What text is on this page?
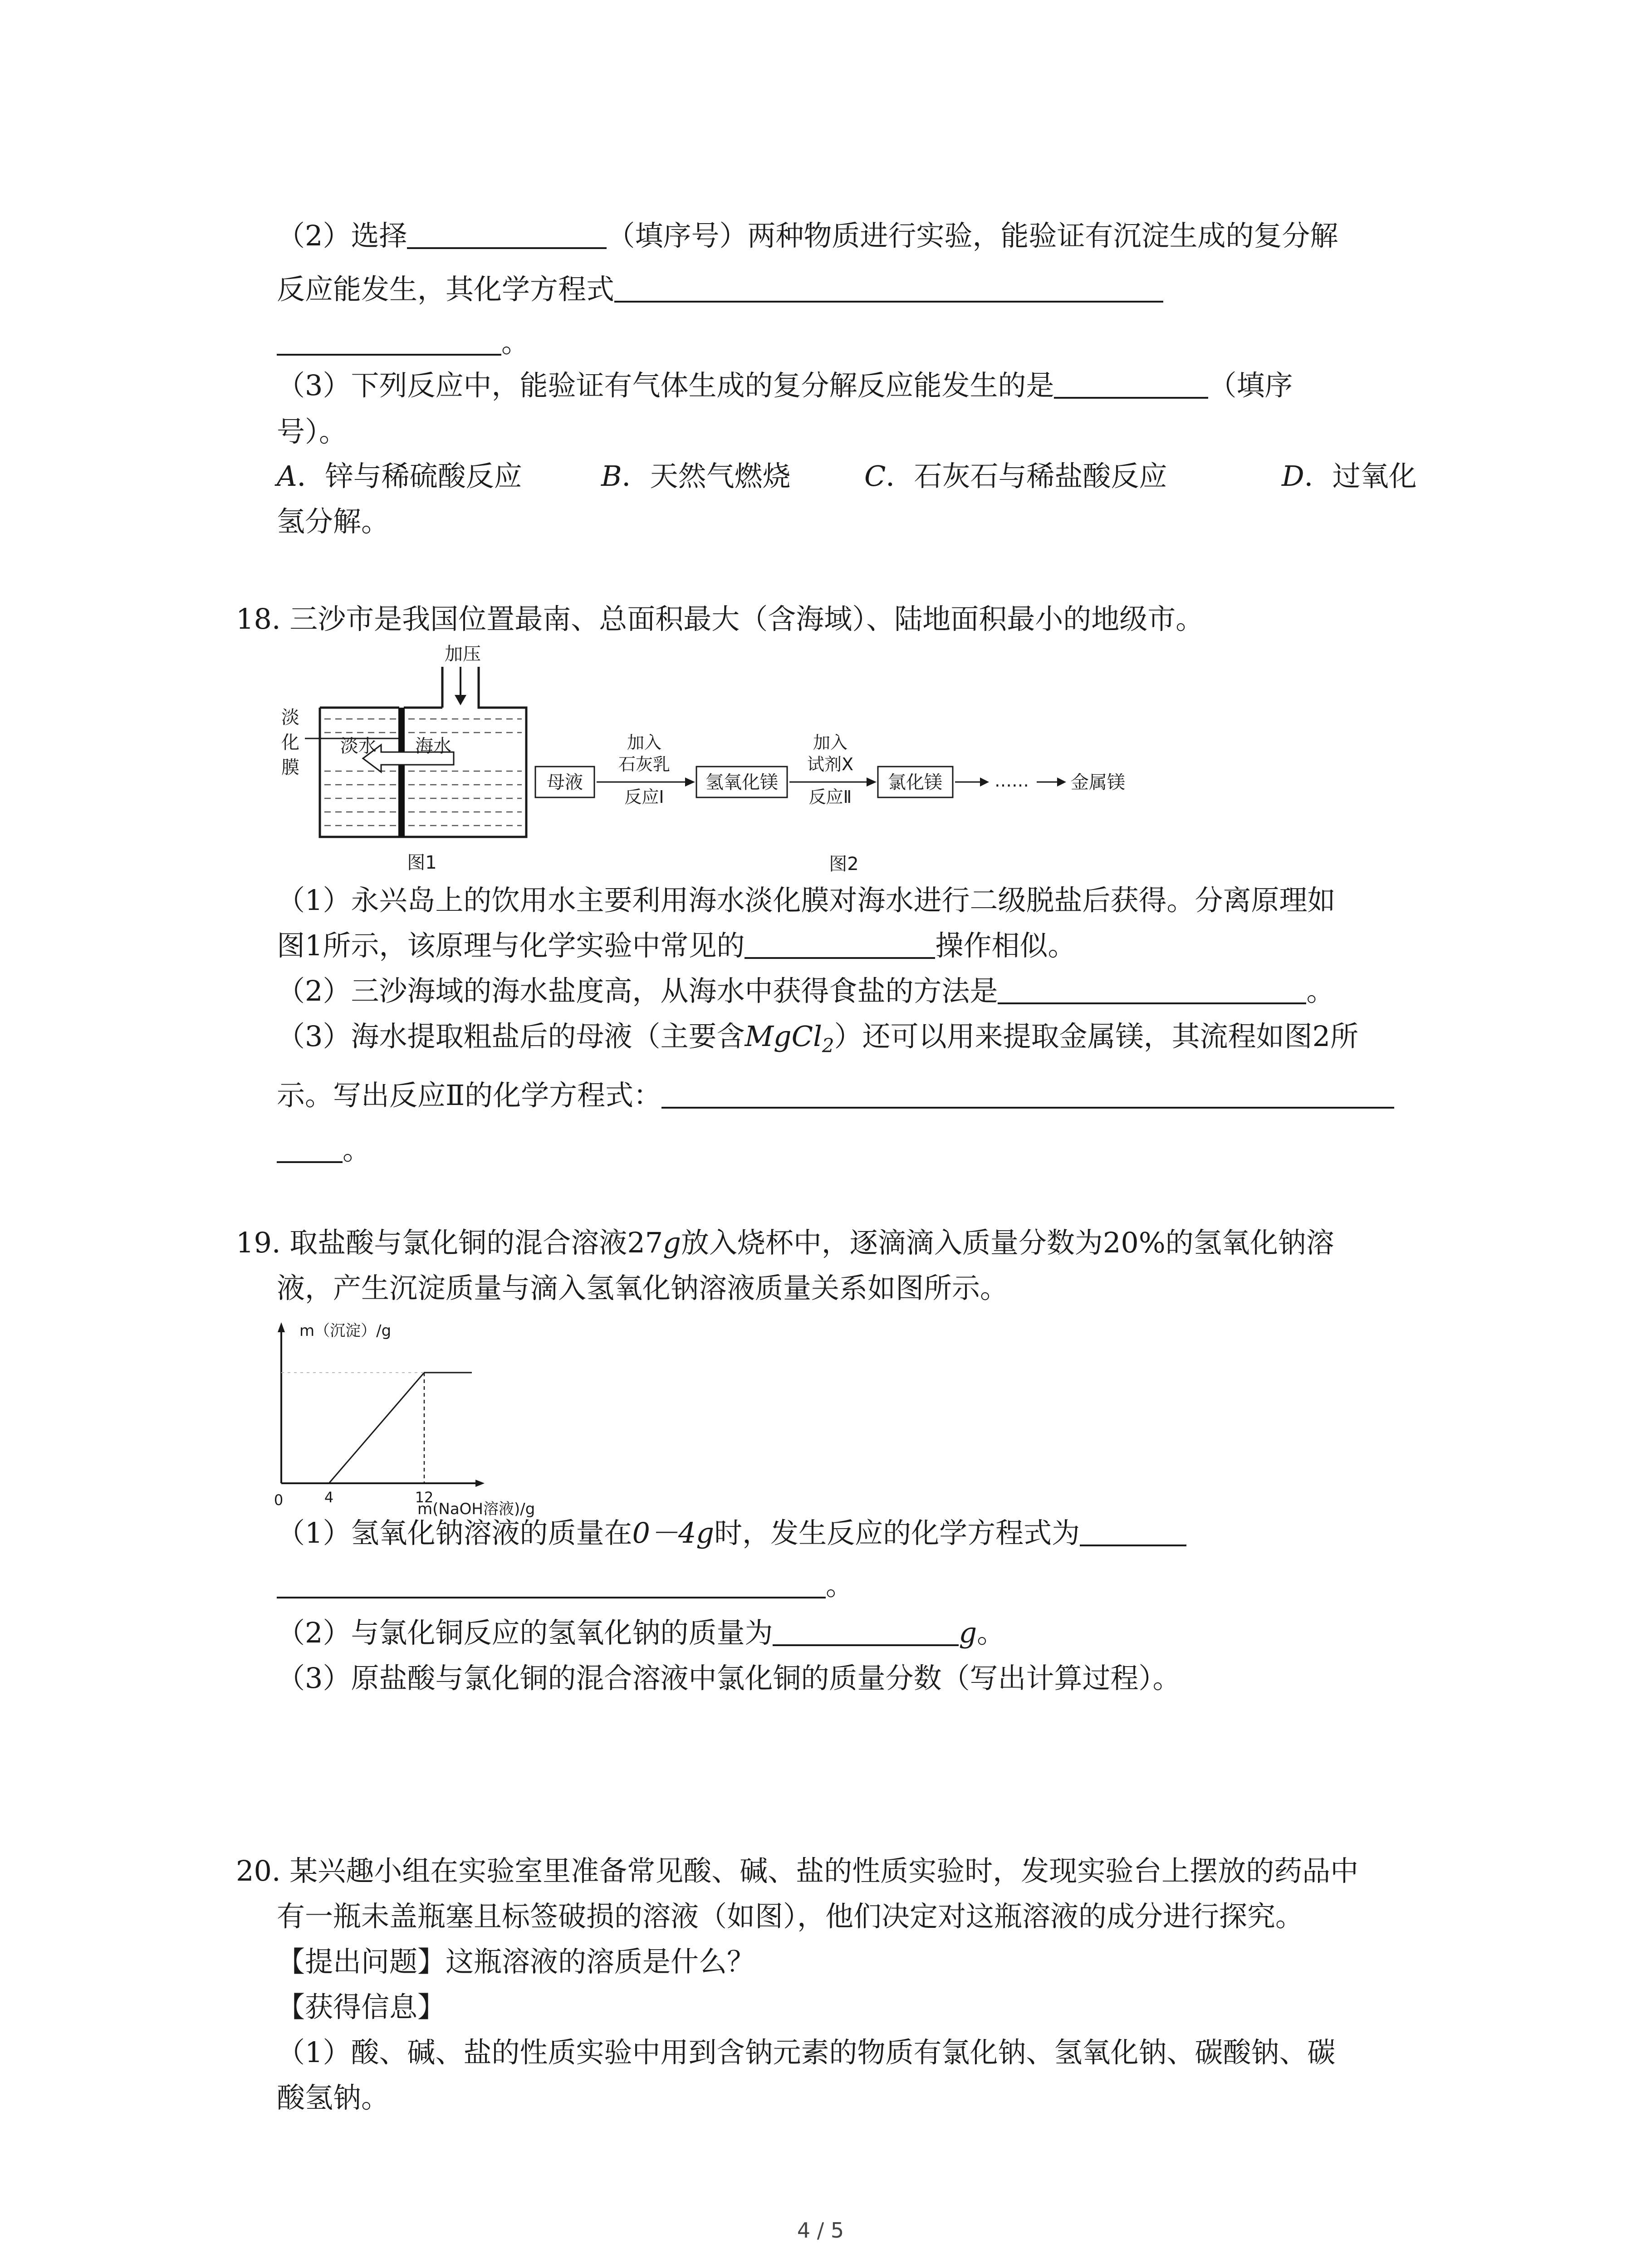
（2）选择	（填序号）两种物质进行实验，能验证有沉淀生成的复分解
反应能发生，其化学方程式
。
（3）下列反应中，能验证有气体生成的复分解反应能发生的是	（填序
号）。
A．锌与稀硫酸反应	B．天然气燃烧	C．石灰石与稀盐酸反应	D．过氧化
氢分解。
18. 三沙市是我国位置最南、总面积最大（含海域）、陆地面积最小的地级市。
淡
化
膜
淡水 海水
加压
图1
母液
加入
石灰乳
反应Ⅰ
氢氧化镁
加入
试剂X
反应Ⅱ
氯化镁	…… 金属镁
图2
（1）永兴岛上的饮用水主要利用海水淡化膜对海水进行二级脱盐后获得。分离原理如
图1所示，该原理与化学实验中常见的	操作相似。
（2）三沙海域的海水盐度高，从海水中获得食盐的方法是	。
（3）海水提取粗盐后的母液（主要含MgCl$_2$）还可以用来提取金属镁，其流程如图2所
示。写出反应Ⅱ的化学方程式：
。
19. 取盐酸与氯化铜的混合溶液27g放入烧杯中，逐滴滴入质量分数为20%的氢氧化钠溶
液，产生沉淀质量与滴入氢氧化钠溶液质量关系如图所示。
m（沉淀）/g
m(NaOH溶液)/g
0	4	12
（1）氢氧化钠溶液的质量在0－4g时，发生反应的化学方程式为
。
（2）与氯化铜反应的氢氧化钠的质量为	g。
（3）原盐酸与氯化铜的混合溶液中氯化铜的质量分数（写出计算过程）。
20. 某兴趣小组在实验室里准备常见酸、碱、盐的性质实验时，发现实验台上摆放的药品中
有一瓶未盖瓶塞且标签破损的溶液（如图），他们决定对这瓶溶液的成分进行探究。
【提出问题】这瓶溶液的溶质是什么？
【获得信息】
（1）酸、碱、盐的性质实验中用到含钠元素的物质有氯化钠、氢氧化钠、碳酸钠、碳
酸氢钠。
4 / 5
